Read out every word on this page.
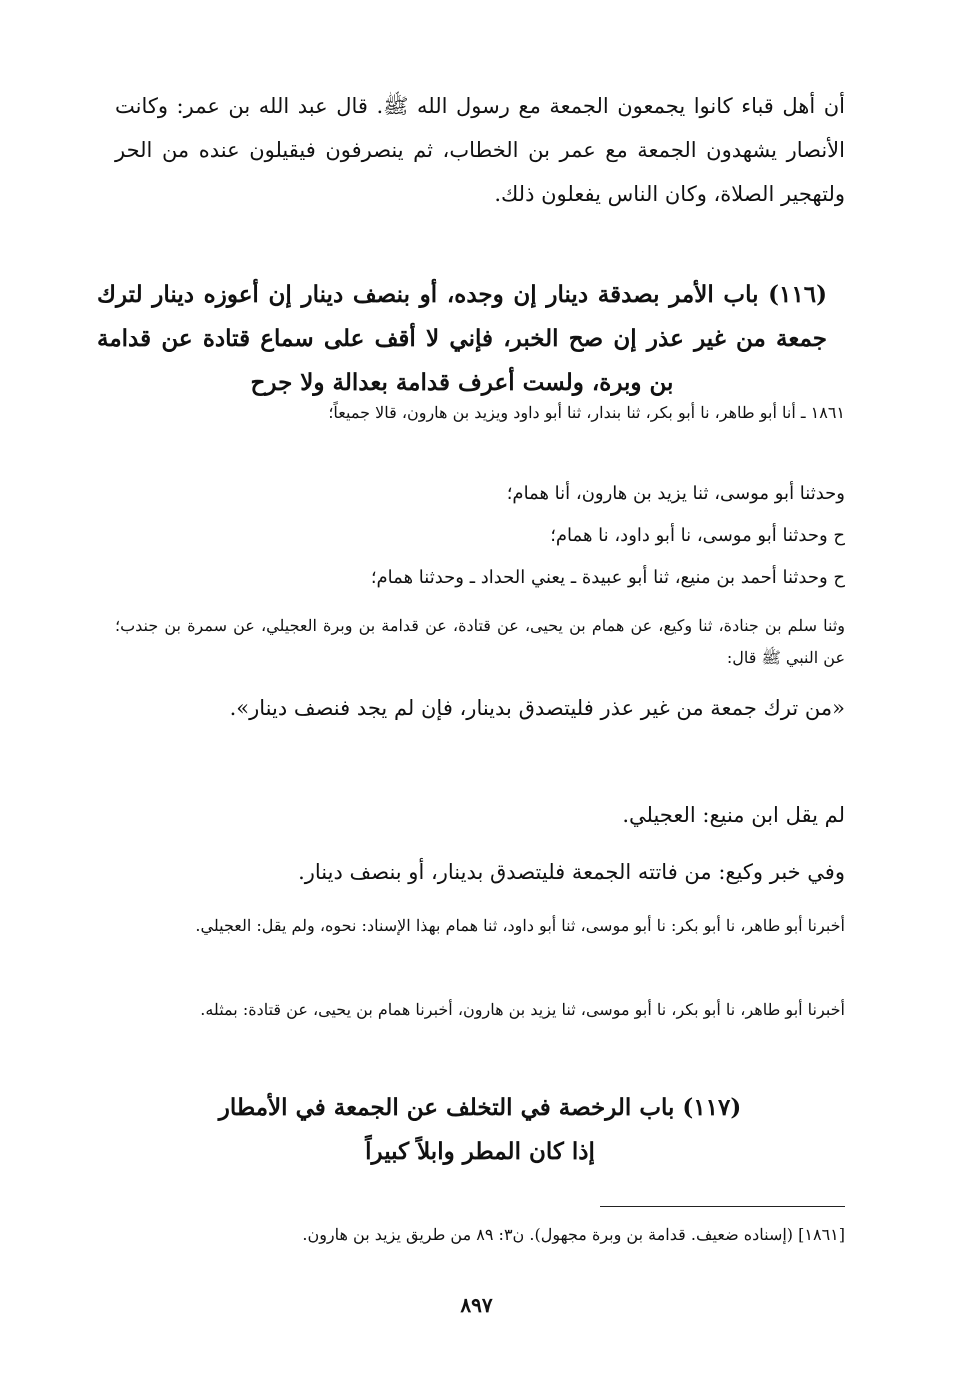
أن أهل قباء كانوا يجمعون الجمعة مع رسول الله ﷺ. قال عبد الله بن عمر: وكانت الأنصار يشهدون الجمعة مع عمر بن الخطاب، ثم ينصرفون فيقيلون عنده من الحر ولتهجير الصلاة، وكان الناس يفعلون ذلك.

(١١٦) باب الأمر بصدقة دينار إن وجده، أو بنصف دينار إن أعوزه دينار لترك جمعة من غير عذر إن صح الخبر، فإني لا أقف على سماع قتادة عن قدامة بن وبرة، ولست أعرف قدامة بعدالة ولا جرح

١٨٦١ ـ أنا أبو طاهر، نا أبو بكر، ثنا بندار، ثنا أبو داود ويزيد بن هارون، قالا جميعاً؛

وحدثنا أبو موسى، ثنا يزيد بن هارون، أنا همام؛

ح وحدثنا أبو موسى، نا أبو داود، نا همام؛

ح وحدثنا أحمد بن منيع، ثنا أبو عبيدة ـ يعني الحداد ـ وحدثنا همام؛

وثنا سلم بن جنادة، ثنا وكيع، عن همام بن يحيى، عن قتادة، عن قدامة بن وبرة العجيلي، عن سمرة بن جندب؛ عن النبي ﷺ قال:

«من ترك جمعة من غير عذر فليتصدق بدينار، فإن لم يجد فنصف دينار».

لم يقل ابن منيع: العجيلي.

وفي خبر وكيع: من فاتته الجمعة فليتصدق بدينار، أو بنصف دينار.

أخبرنا أبو طاهر، نا أبو بكر: نا أبو موسى، ثنا أبو داود، ثنا همام بهذا الإسناد: نحوه، ولم يقل: العجيلي.

أخبرنا أبو طاهر، نا أبو بكر، نا أبو موسى، ثنا يزيد بن هارون، أخبرنا همام بن يحيى، عن قتادة: بمثله.

(١١٧) باب الرخصة في التخلف عن الجمعة في الأمطار
إذا كان المطر وابلاً كبيراً

[١٨٦١] (إسناده ضعيف. قدامة بن وبرة مجهول). ن٣: ٨٩ من طريق يزيد بن هارون.

٨٩٧
